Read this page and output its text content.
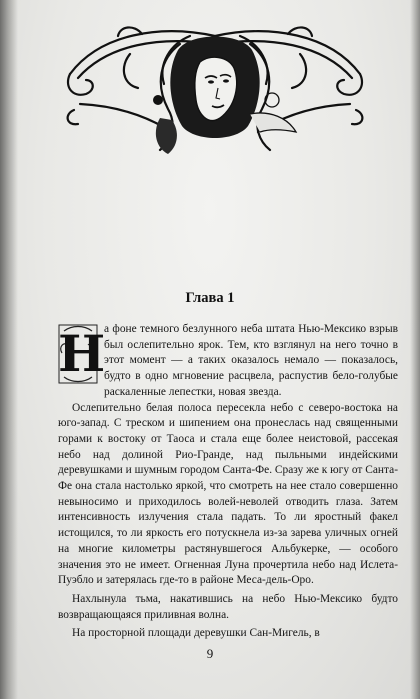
Глава 1

Н
а фоне темного безлунного неба штата Нью-Мексико взрыв был ослепительно ярок. Тем, кто взглянул на него точно в этот момент — а таких оказалось немало — показалось, будто в одно мгновение расцвела, распустив бело-голубые раскаленные лепестки, новая звезда.

Ослепительно белая полоса пересекла небо с северо-востока на юго-запад. С треском и шипением она пронеслась над священными горами к востоку от Таоса и стала еще более неистовой, рассекая небо над долиной Рио-Гранде, над пыльными индейскими деревушками и шумным городом Санта-Фе. Сразу же к югу от Санта-Фе она стала настолько яркой, что смотреть на нее стало совершенно невыносимо и приходилось волей-неволей отводить глаза. Затем интенсивность излучения стала падать. То ли яростный факел истощился, то ли яркость его потускнела из-за зарева уличных огней на многие километры растянувшегося Альбукерке, — особого значения это не имеет. Огненная Луна прочертила небо над Ислета-Пуэбло и затерялась где-то в районе Меса-дель-Оро.

Нахлынула тьма, накатившись на небо Нью-Мексико будто возвращающаяся приливная волна.

На просторной площади деревушки Сан-Мигель, в

9
